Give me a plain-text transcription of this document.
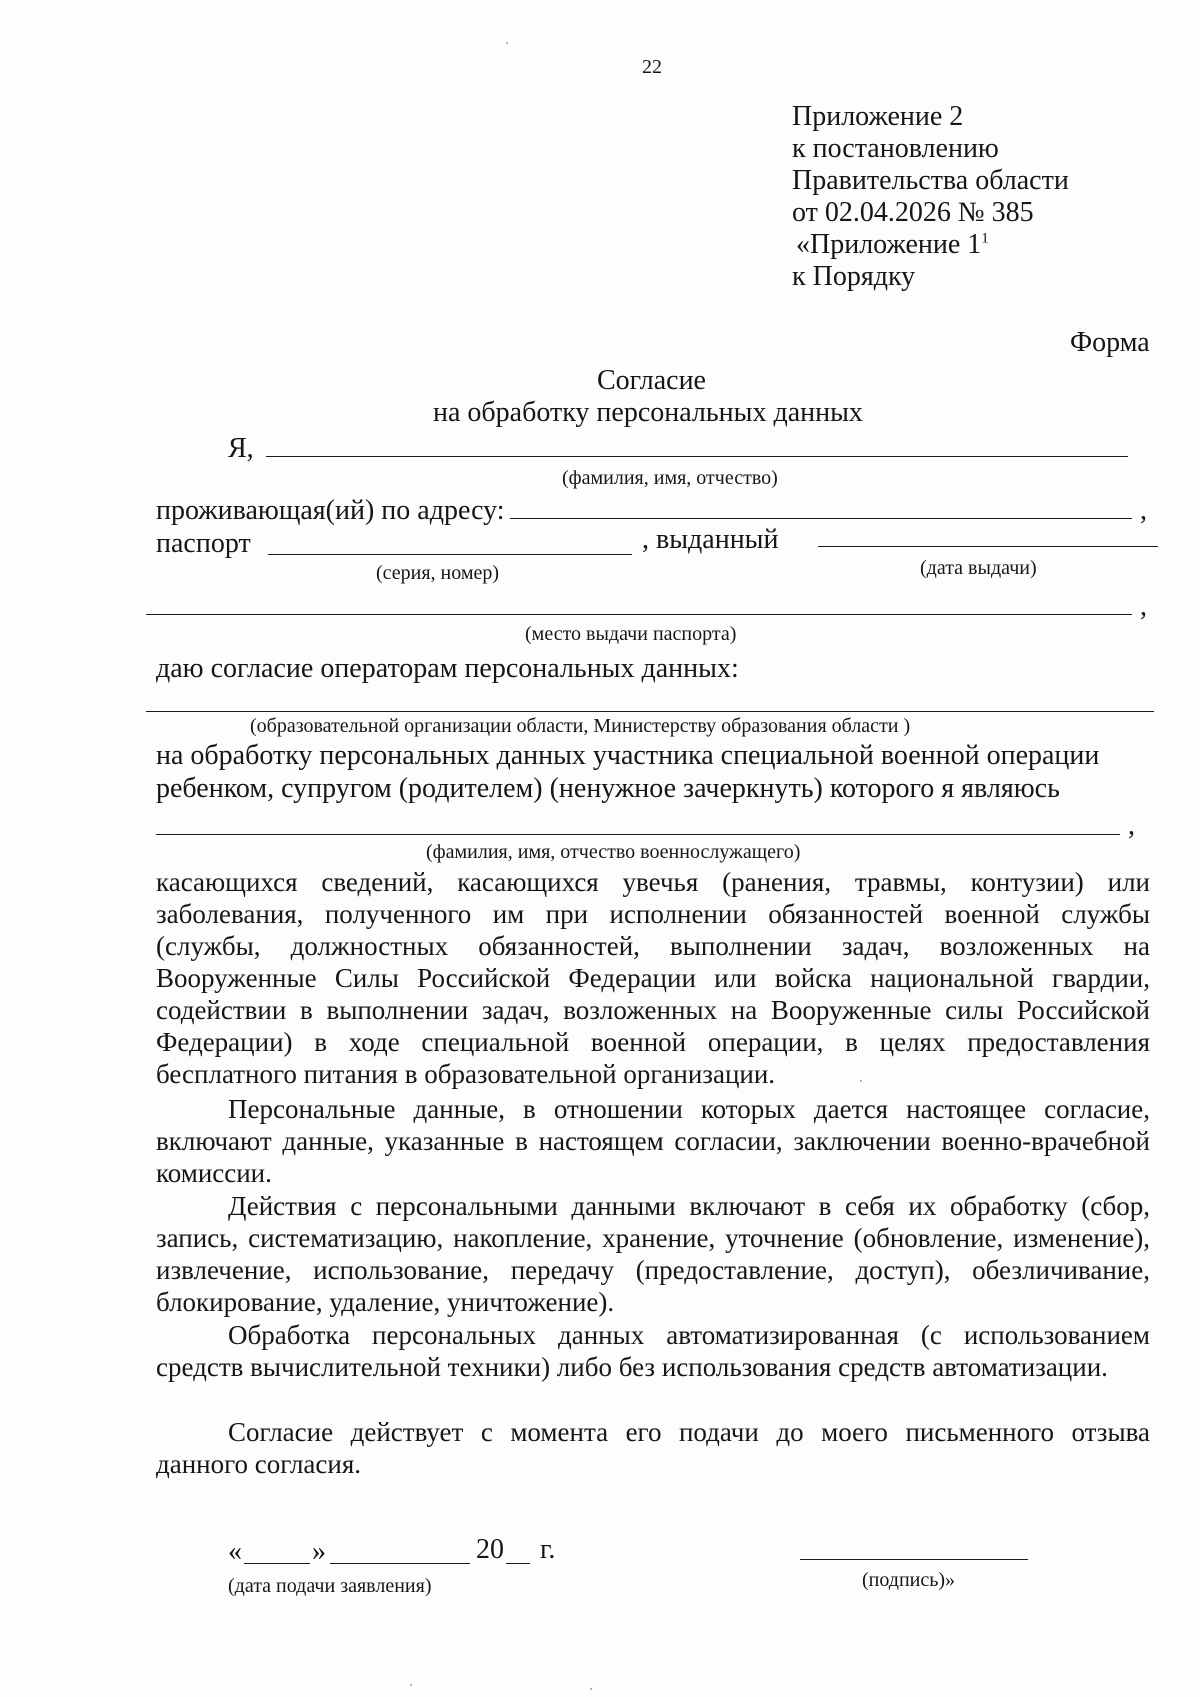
22
Приложение 2
к постановлению
Правительства области
от 02.04.2026 № 385
«Приложение $1^1$
к Порядку
Форма
Согласие
на обработку персональных данных
Я,
(фамилия, имя, отчество)
проживающая(ий) по адресу:	,
паспорт	, выданный
(серия, номер)	(дата выдачи)
,
(место выдачи паспорта)
даю согласие операторам персональных данных:
(образовательной организации области, Министерству образования области )
на обработку персональных данных участника специальной военной операции
ребенком, супругом (родителем) (ненужное зачеркнуть) которого я являюсь
,
(фамилия, имя, отчество военнослужащего)

касающихся сведений, касающихся увечья (ранения, травмы, контузии) или заболевания, полученного им при исполнении обязанностей военной службы (службы, должностных обязанностей, выполнении задач, возложенных на Вооруженные Силы Российской Федерации или войска национальной гвардии, содействии в выполнении задач, возложенных на Вооруженные силы Российской Федерации) в ходе специальной военной операции, в целях предоставления бесплатного питания в образовательной организации.

Персональные данные, в отношении которых дается настоящее согласие, включают данные, указанные в настоящем согласии, заключении военно-врачебной комиссии.

Действия с персональными данными включают в себя их обработку (сбор, запись, систематизацию, накопление, хранение, уточнение (обновление, изменение), извлечение, использование, передачу (предоставление, доступ), обезличивание, блокирование, удаление, уничтожение).

Обработка персональных данных автоматизированная (с использованием средств вычислительной техники) либо без использования средств автоматизации.

Согласие действует с момента его подачи до моего письменного отзыва данного согласия.

«	»	20 г.
(дата подачи заявления)	(подпись)»
